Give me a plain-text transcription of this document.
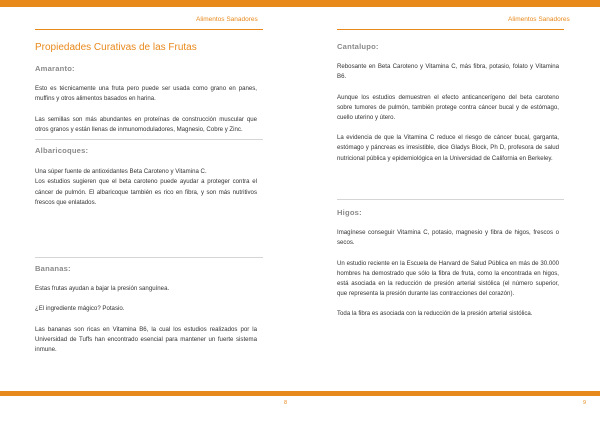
Alimentos Sanadores	Alimentos Sanadores
Propiedades Curativas de las Frutas

Amaranto:

Esto es técnicamente una fruta pero puede ser usada como grano en panes, muffins y otros alimentos basados en harina.

Las semillas son más abundantes en proteínas de construcción muscular que otros granos y están llenas de inmunomoduladores, Magnesio, Cobre y Zinc.

Albaricoques:

Una súper fuente de antioxidantes Beta Caroteno y Vitamina C.

Los estudios sugieren que el beta caroteno puede ayudar a proteger contra el cáncer de pulmón. El albaricoque también es rico en fibra, y son más nutritivos frescos que enlatados.

Bananas:

Estas frutas ayudan a bajar la presión sanguínea.

¿El ingrediente mágico? Potasio.

Las bananas son ricas en Vitamina B6, la cual los estudios realizados por la Universidad de Tuffs han encontrado esencial para mantener un fuerte sistema inmune.

Cantalupo:

Rebosante en Beta Caroteno y Vitamina C, más fibra, potasio, folato y Vitamina B6.

Aunque los estudios demuestren el efecto anticancerígeno del beta caroteno sobre tumores de pulmón, también protege contra cáncer bucal y de estómago, cuello uterino y útero.

La evidencia de que la Vitamina C reduce el riesgo de cáncer bucal, garganta, estómago y páncreas es irresistible, dice Gladys Block, Ph D, profesora de salud nutricional pública y epidemiológica en la Universidad de California en Berkeley.

Higos:

Imagínese conseguir Vitamina C, potasio, magnesio y fibra de higos, frescos o secos.

Un estudio reciente en la Escuela de Harvard de Salud Pública en más de 30.000 hombres ha demostrado que sólo la fibra de fruta, como la encontrada en higos, está asociada en la reducción de presión arterial sistólica (el número superior, que representa la presión durante las contracciones del corazón).

Toda la fibra es asociada con la reducción de la presión arterial sistólica.

8	9
